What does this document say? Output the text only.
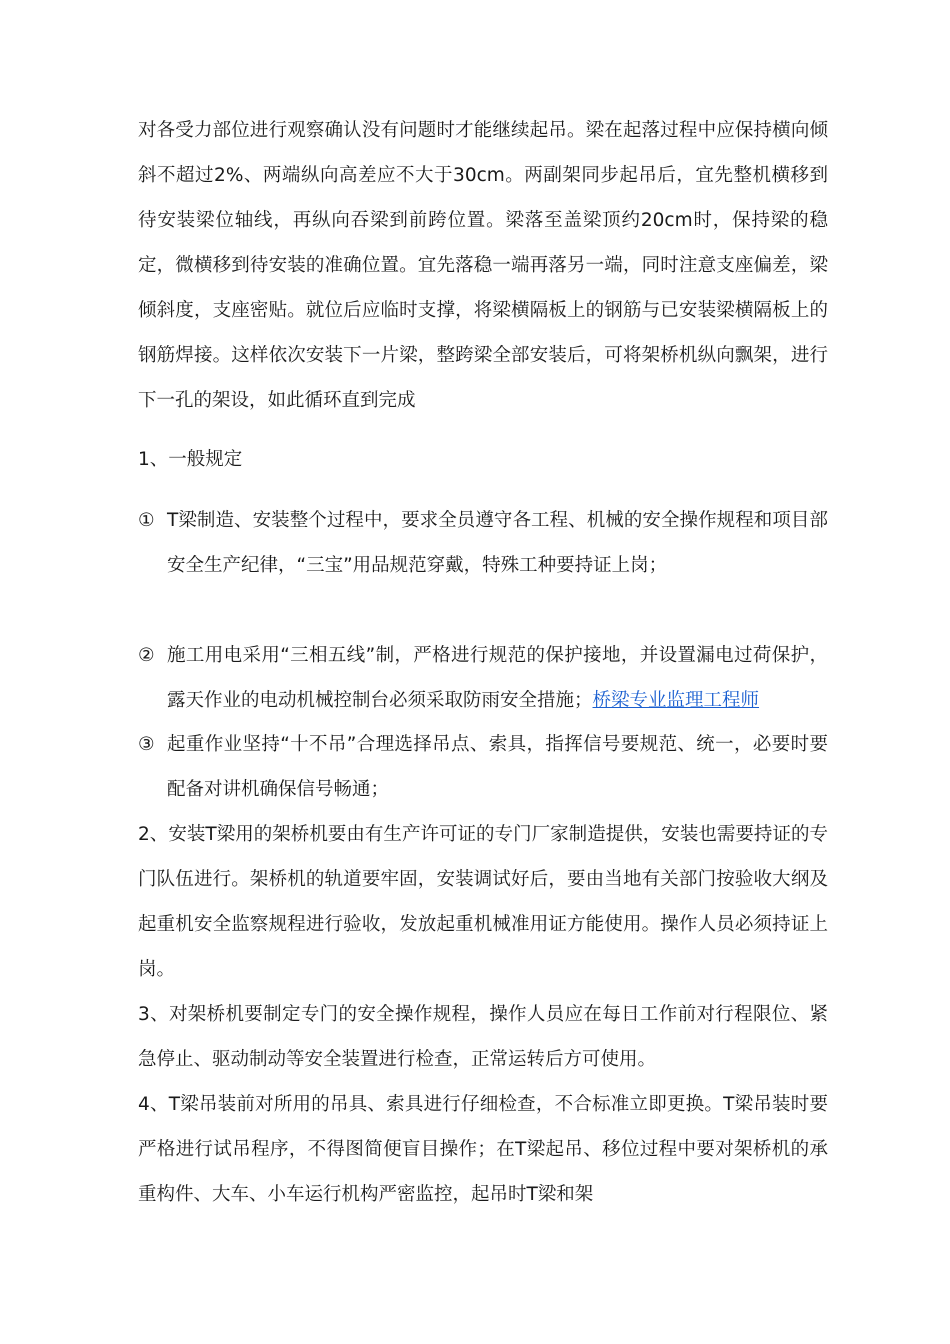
对各受力部位进行观察确认没有问题时才能继续起吊。梁在起落过程中应保持横向倾斜不超过2%、两端纵向高差应不大于30cm。两副架同步起吊后，宜先整机横移到待安装梁位轴线，再纵向吞梁到前跨位置。梁落至盖梁顶约20cm时，保持梁的稳定，微横移到待安装的准确位置。宜先落稳一端再落另一端，同时注意支座偏差，梁倾斜度，支座密贴。就位后应临时支撑，将梁横隔板上的钢筋与已安装梁横隔板上的钢筋焊接。这样依次安装下一片梁，整跨梁全部安装后，可将架桥机纵向飘架，进行下一孔的架设，如此循环直到完成

1、一般规定

① T梁制造、安装整个过程中，要求全员遵守各工程、机械的安全操作规程和项目部安全生产纪律，“三宝”用品规范穿戴，特殊工种要持证上岗；
② 施工用电采用“三相五线”制，严格进行规范的保护接地，并设置漏电过荷保护，露天作业的电动机械控制台必须采取防雨安全措施；桥梁专业监理工程师
③ 起重作业坚持“十不吊”合理选择吊点、索具，指挥信号要规范、统一，必要时要配备对讲机确保信号畅通；

2、安装T梁用的架桥机要由有生产许可证的专门厂家制造提供，安装也需要持证的专门队伍进行。架桥机的轨道要牢固，安装调试好后，要由当地有关部门按验收大纲及起重机安全监察规程进行验收，发放起重机械准用证方能使用。操作人员必须持证上岗。

3、对架桥机要制定专门的安全操作规程，操作人员应在每日工作前对行程限位、紧急停止、驱动制动等安全装置进行检查，正常运转后方可使用。

4、T梁吊装前对所用的吊具、索具进行仔细检查，不合标准立即更换。T梁吊装时要严格进行试吊程序，不得图简便盲目操作；在T梁起吊、移位过程中要对架桥机的承重构件、大车、小车运行机构严密监控，起吊时T梁和架
